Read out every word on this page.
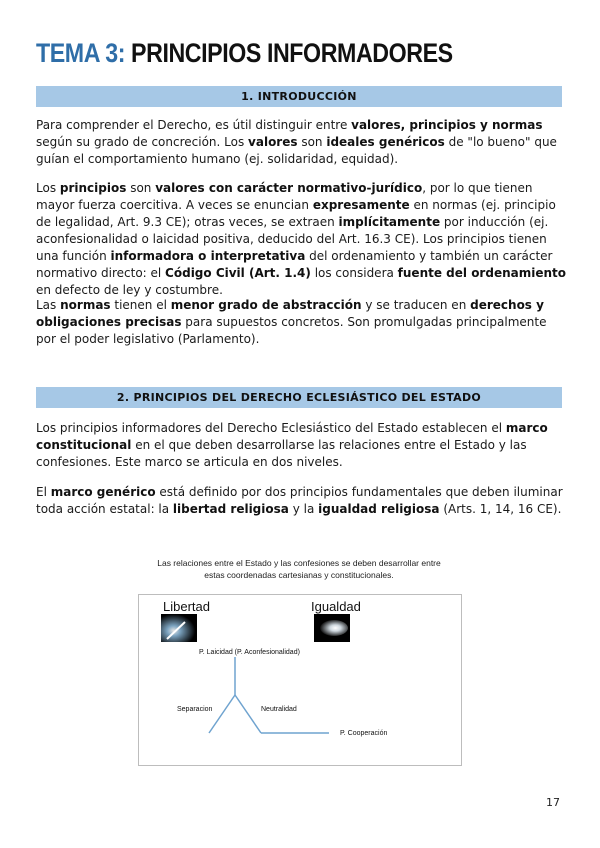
TEMA 3: PRINCIPIOS INFORMADORES
1. INTRODUCCIÓN

Para comprender el Derecho, es útil distinguir entre valores, principios y normas según su grado de concreción. Los valores son ideales genéricos de "lo bueno" que guían el comportamiento humano (ej. solidaridad, equidad).

Los principios son valores con carácter normativo-jurídico, por lo que tienen mayor fuerza coercitiva. A veces se enuncian expresamente en normas (ej. principio de legalidad, Art. 9.3 CE); otras veces, se extraen implícitamente por inducción (ej. aconfesionalidad o laicidad positiva, deducido del Art. 16.3 CE). Los principios tienen una función informadora o interpretativa del ordenamiento y también un carácter normativo directo: el Código Civil (Art. 1.4) los considera fuente del ordenamiento en defecto de ley y costumbre.

Las normas tienen el menor grado de abstracción y se traducen en derechos y obligaciones precisas para supuestos concretos. Son promulgadas principalmente por el poder legislativo (Parlamento).

2. PRINCIPIOS DEL DERECHO ECLESIÁSTICO DEL ESTADO

Los principios informadores del Derecho Eclesiástico del Estado establecen el marco constitucional en el que deben desarrollarse las relaciones entre el Estado y las confesiones. Este marco se articula en dos niveles.

El marco genérico está definido por dos principios fundamentales que deben iluminar toda acción estatal: la libertad religiosa y la igualdad religiosa (Arts. 1, 14, 16 CE).

Las relaciones entre el Estado y las confesiones se deben desarrollar entre
estas coordenadas cartesianas y constitucionales.
Libertad	Igualdad
P. Laicidad (P. Aconfesionalidad)
Separacion	Neutralidad
P. Cooperación
17
